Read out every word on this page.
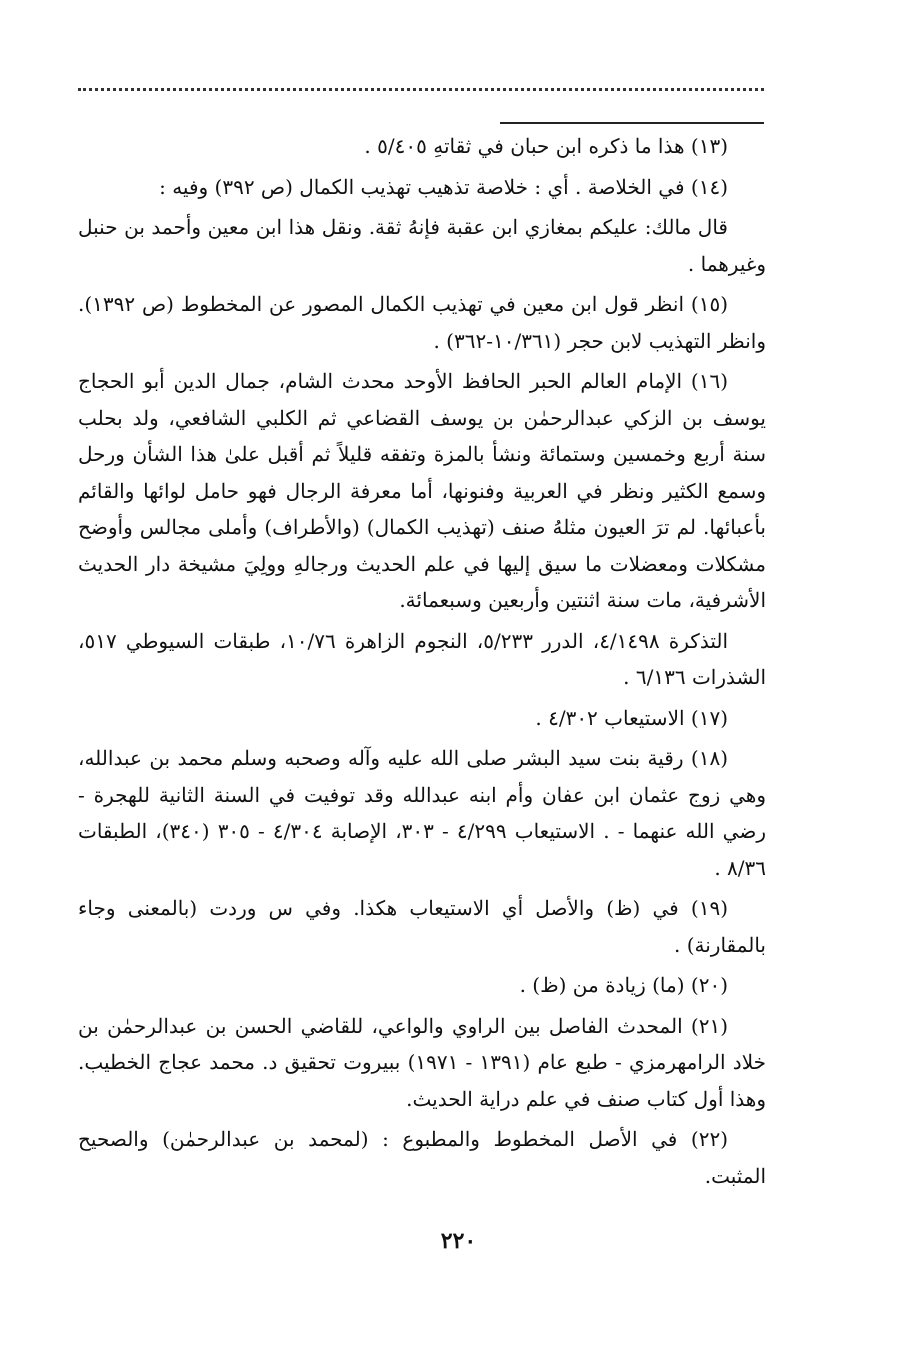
(١٣) هذا ما ذكره ابن حبان في ثقاتهِ ٥/٤٠٥ .

(١٤) في الخلاصة . أي : خلاصة تذهيب تهذيب الكمال (ص ٣٩٢) وفيه :

قال مالك: عليكم بمغازي ابن عقبة فإنهُ ثقة. ونقل هذا ابن معين وأحمد بن حنبل وغيرهما .

(١٥) انظر قول ابن معين في تهذيب الكمال المصور عن المخطوط (ص ١٣٩٢). وانظر التهذيب لابن حجر (١٠/٣٦١-٣٦٢) .

(١٦) الإمام العالم الحبر الحافظ الأوحد محدث الشام، جمال الدين أبو الحجاج يوسف بن الزكي عبدالرحمٰن بن يوسف القضاعي ثم الكلبي الشافعي، ولد بحلب سنة أربع وخمسين وستمائة ونشأ بالمزة وتفقه قليلاً ثم أقبل علىٰ هذا الشأن ورحل وسمع الكثير ونظر في العربية وفنونها، أما معرفة الرجال فهو حامل لوائها والقائم بأعبائها. لم ترَ العيون مثلهُ صنف (تهذيب الكمال) (والأطراف) وأملى مجالس وأوضح مشكلات ومعضلات ما سيق إليها في علم الحديث ورجالهِ وولِيَ مشيخة دار الحديث الأشرفية، مات سنة اثنتين وأربعين وسبعمائة.

التذكرة ٤/١٤٩٨، الدرر ٥/٢٣٣، النجوم الزاهرة ١٠/٧٦، طبقات السيوطي ٥١٧، الشذرات ٦/١٣٦ .

(١٧) الاستيعاب ٤/٣٠٢ .

(١٨) رقية بنت سيد البشر صلى الله عليه وآله وصحبه وسلم محمد بن عبدالله، وهي زوج عثمان ابن عفان وأم ابنه عبدالله وقد توفيت في السنة الثانية للهجرة - رضي الله عنهما - . الاستيعاب ٤/٢٩٩ - ٣٠٣، الإصابة ٤/٣٠٤ - ٣٠٥ (٣٤٠)، الطبقات ٨/٣٦ .

(١٩) في (ظ) والأصل أي الاستيعاب هكذا. وفي س وردت (بالمعنى وجاء بالمقارنة) .

(٢٠) (ما) زيادة من (ظ) .

(٢١) المحدث الفاصل بين الراوي والواعي، للقاضي الحسن بن عبدالرحمٰن بن خلاد الرامهرمزي - طبع عام (١٣٩١ - ١٩٧١) ببيروت تحقيق د. محمد عجاج الخطيب. وهذا أول كتاب صنف في علم دراية الحديث.

(٢٢) في الأصل المخطوط والمطبوع : (لمحمد بن عبدالرحمٰن) والصحيح المثبت.

٢٢٠
